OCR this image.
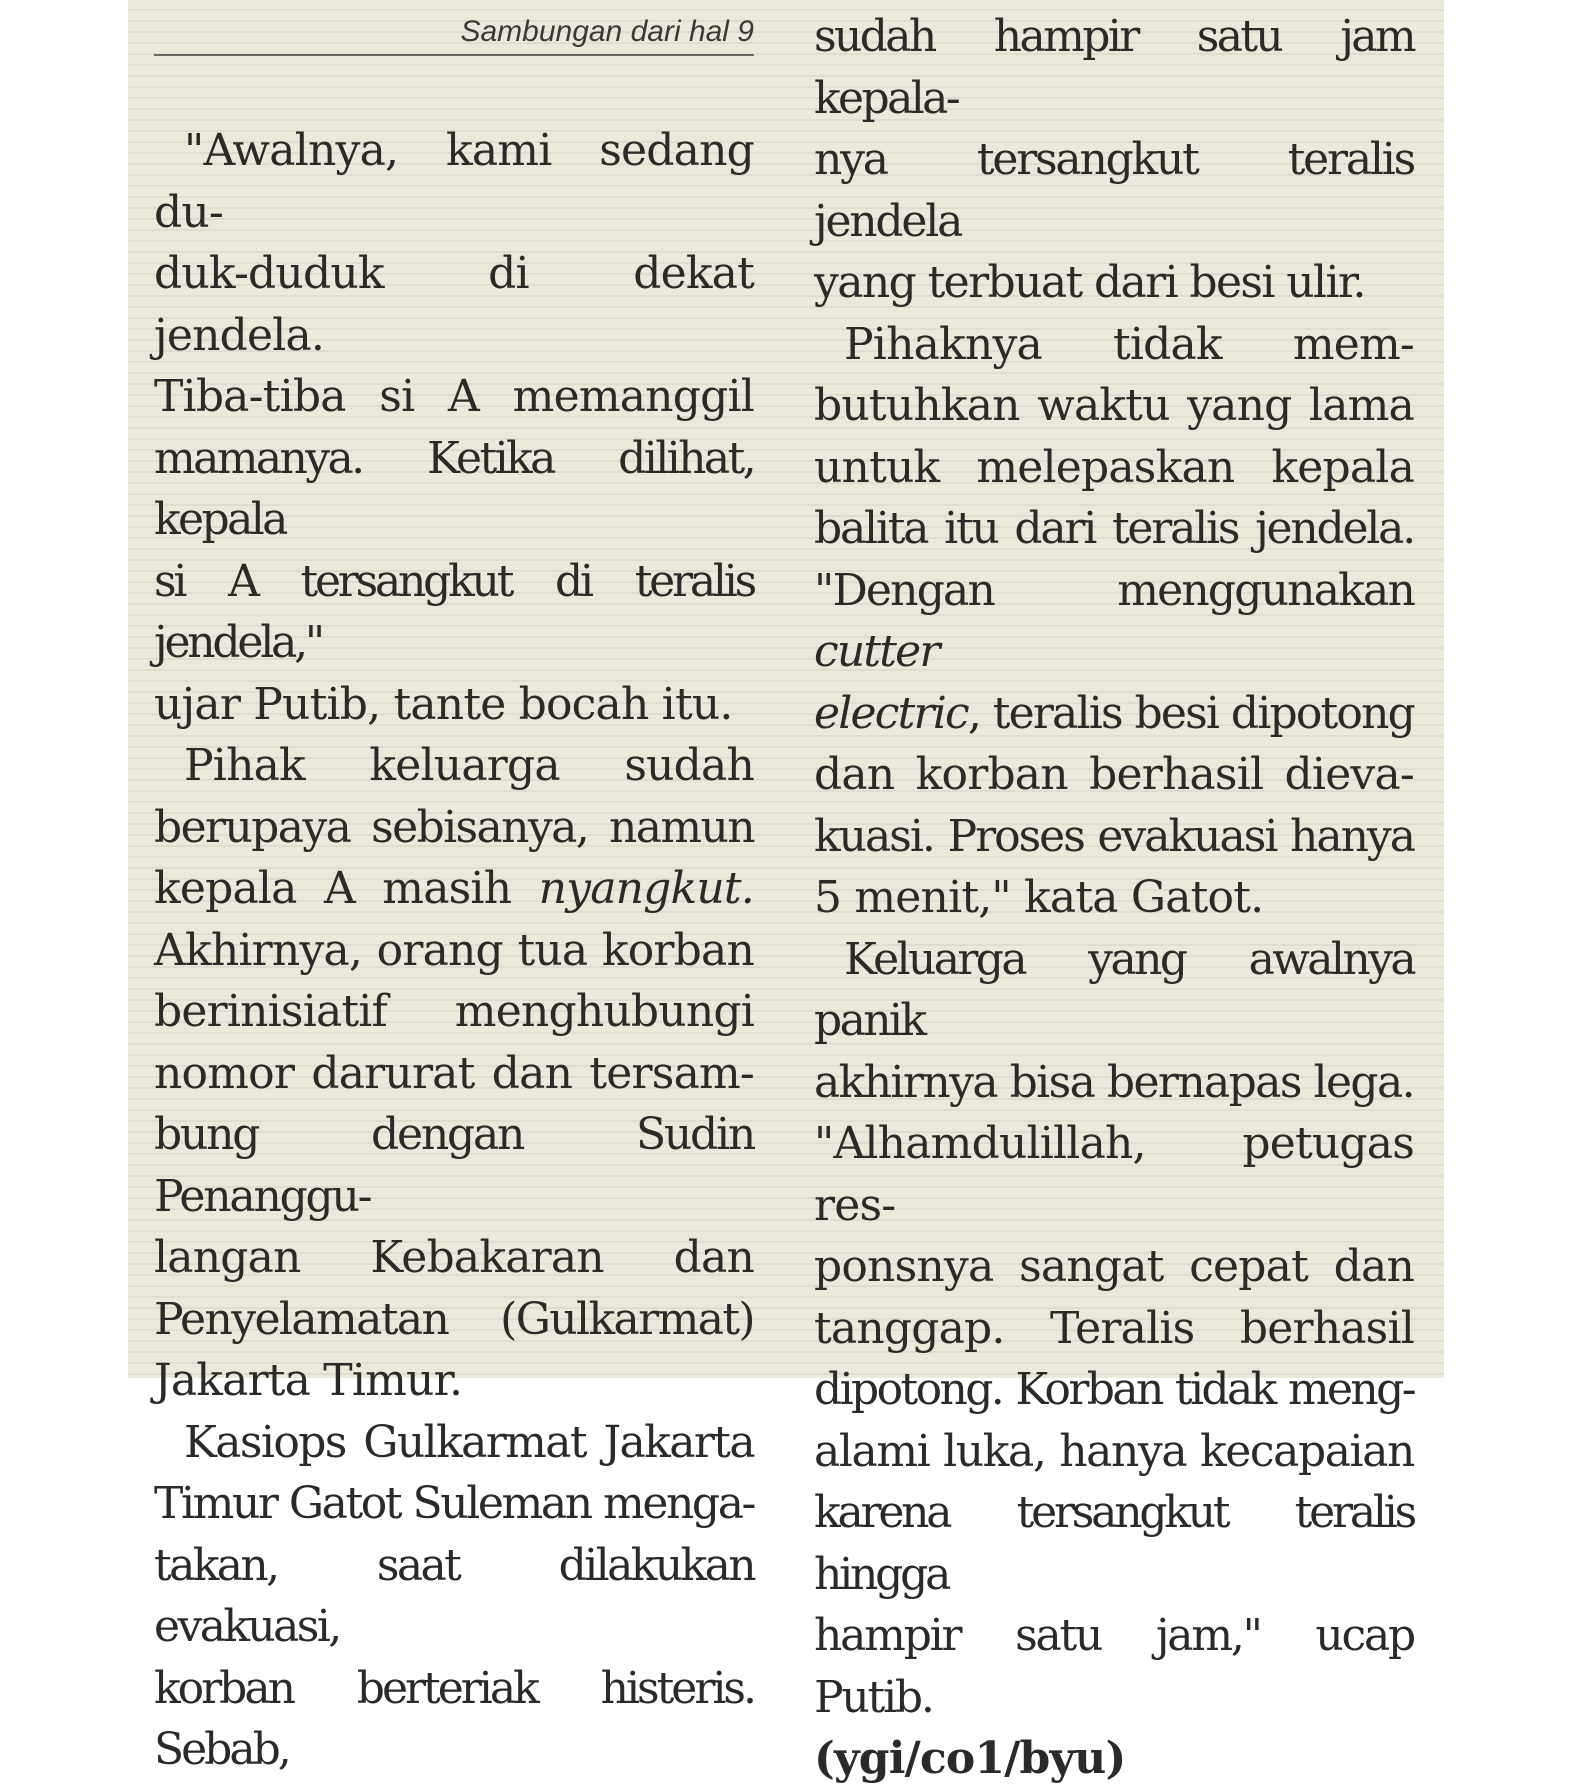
Sambungan dari hal 9
"Awalnya, kami sedang du-
duk-duduk di dekat jendela.
Tiba-tiba si A memanggil
mamanya. Ketika dilihat, kepala
si A tersangkut di teralis jendela,"
ujar Putib, tante bocah itu.
Pihak keluarga sudah
berupaya sebisanya, namun
kepala A masih nyangkut.
Akhirnya, orang tua korban
berinisiatif menghubungi
nomor darurat dan tersam-
bung dengan Sudin Penanggu-
langan Kebakaran dan
Penyelamatan (Gulkarmat)
Jakarta Timur.
Kasiops Gulkarmat Jakarta
Timur Gatot Suleman menga-
takan, saat dilakukan evakuasi,
korban berteriak histeris. Sebab,
sudah hampir satu jam kepala-
nya tersangkut teralis jendela
yang terbuat dari besi ulir.
Pihaknya tidak mem-
butuhkan waktu yang lama
untuk melepaskan kepala
balita itu dari teralis jendela.
"Dengan menggunakan cutter
electric, teralis besi dipotong
dan korban berhasil dieva-
kuasi. Proses evakuasi hanya
5 menit," kata Gatot.
Keluarga yang awalnya panik
akhirnya bisa bernapas lega.
"Alhamdulillah, petugas res-
ponsnya sangat cepat dan
tanggap. Teralis berhasil
dipotong. Korban tidak meng-
alami luka, hanya kecapaian
karena tersangkut teralis hingga
hampir satu jam," ucap Putib.
(ygi/co1/byu)
